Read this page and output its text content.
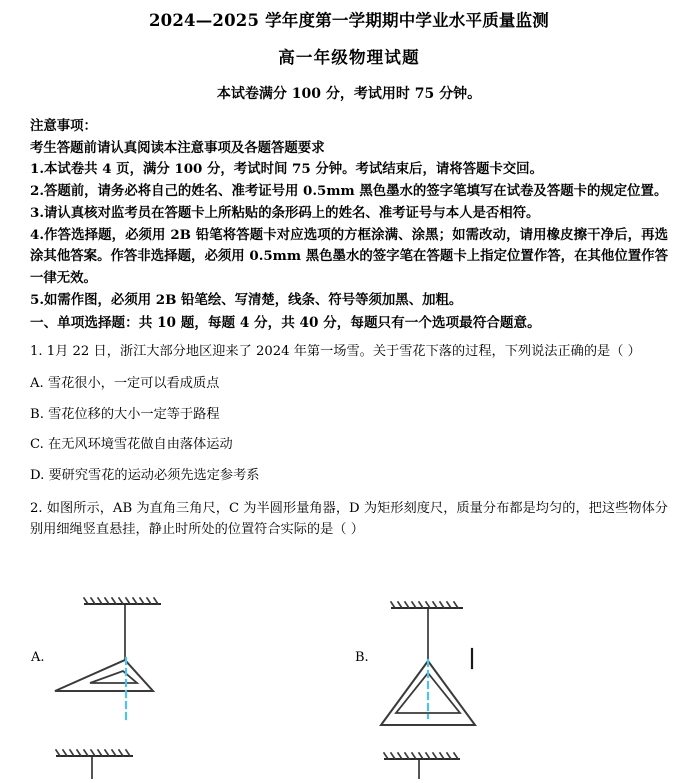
2024—2025 学年度第一学期期中学业水平质量监测
高一年级物理试题

本试卷满分 100 分，考试用时 75 分钟。

注意事项：

考生答题前请认真阅读本注意事项及各题答题要求

1.本试卷共 4 页，满分 100 分，考试时间 75 分钟。考试结束后，请将答题卡交回。

2.答题前，请务必将自己的姓名、准考证号用 0.5mm 黑色墨水的签字笔填写在试卷及答题卡的规定位置。

3.请认真核对监考员在答题卡上所粘贴的条形码上的姓名、准考证号与本人是否相符。

4.作答选择题，必须用 2B 铅笔将答题卡对应选项的方框涂满、涂黑；如需改动，请用橡皮擦干净后，再选涂其他答案。作答非选择题，必须用 0.5mm 黑色墨水的签字笔在答题卡上指定位置作答，在其他位置作答一律无效。

5.如需作图，必须用 2B 铅笔绘、写清楚，线条、符号等须加黑、加粗。

一、单项选择题：共 10 题，每题 4 分，共 40 分，每题只有一个选项最符合题意。

1. 1月 22 日，浙江大部分地区迎来了 2024 年第一场雪。关于雪花下落的过程，下列说法正确的是（ ）

A. 雪花很小，一定可以看成质点

B. 雪花位移的大小一定等于路程

C. 在无风环境雪花做自由落体运动

D. 要研究雪花的运动必须先选定参考系

2. 如图所示，AB 为直角三角尺，C 为半圆形量角器，D 为矩形刻度尺，质量分布都是均匀的，把这些物体分别用细绳竖直悬挂，静止时所处的位置符合实际的是（ ）

A.	B.
